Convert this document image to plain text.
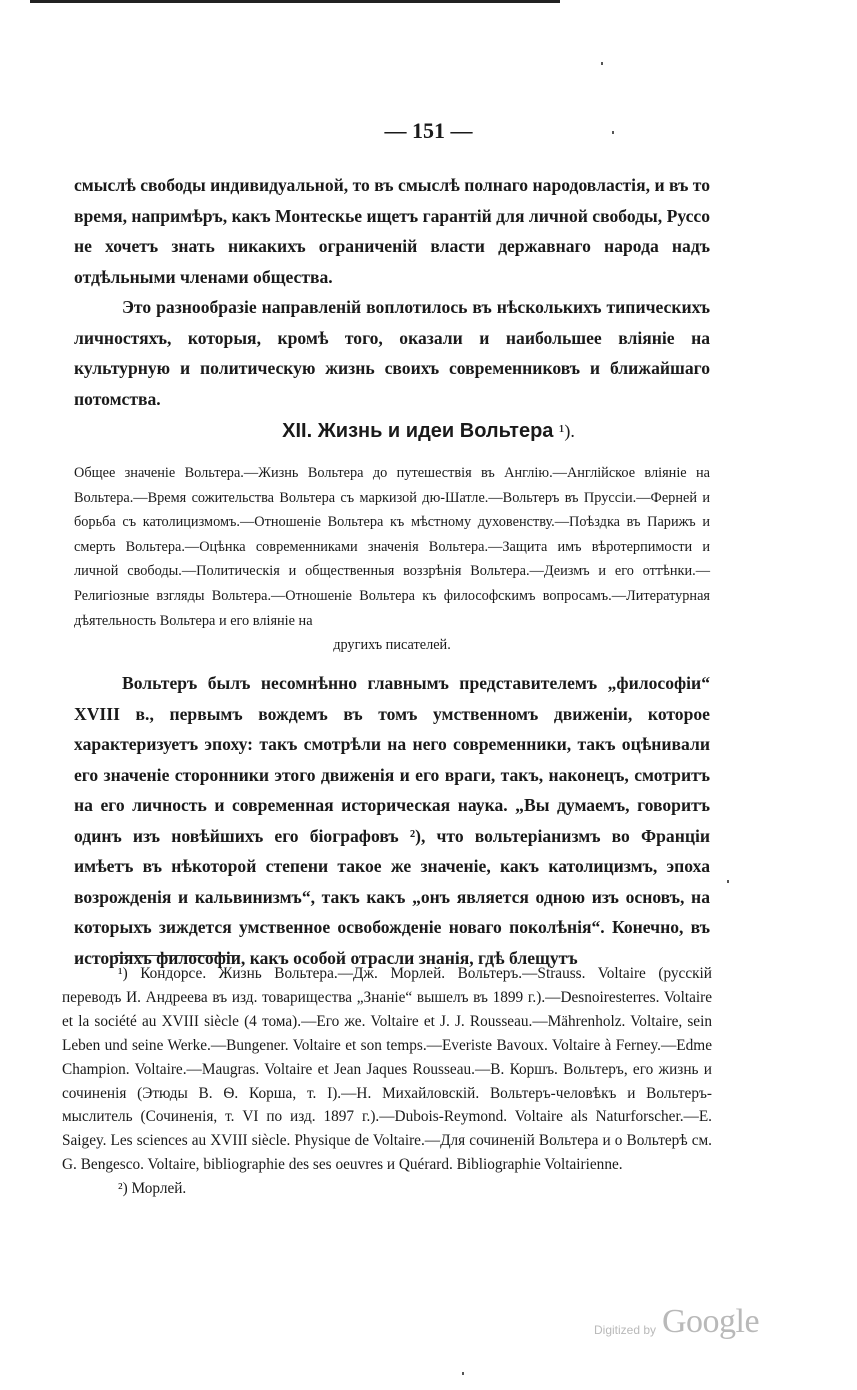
— 151 —

смыслѣ свободы индивидуальной, то въ смыслѣ полнаго народовластія, и въ то время, напримѣръ, какъ Монтескье ищетъ гарантій для личной свободы, Руссо не хочетъ знать никакихъ ограниченій власти державнаго народа надъ отдѣльными членами общества.

Это разнообразіе направленій воплотилось въ нѣсколькихъ типическихъ личностяхъ, которыя, кромѣ того, оказали и наибольшее вліяніе на культурную и политическую жизнь своихъ современниковъ и ближайшаго потомства.

XII. Жизнь и идеи Вольтера ¹).
Общее значеніе Вольтера.—Жизнь Вольтера до путешествія въ Англію.—Англійское вліяніе на Вольтера.—Время сожительства Вольтера съ маркизой дю-Шатле.—Вольтеръ въ Пруссіи.—Ферней и борьба съ католицизмомъ.—Отношеніе Вольтера къ мѣстному духовенству.—Поѣздка въ Парижъ и смерть Вольтера.—Оцѣнка современниками значенія Вольтера.—Защита имъ вѣротерпимости и личной свободы.—Политическія и общественныя воззрѣнія Вольтера.—Деизмъ и его оттѣнки.—Религіозные взгляды Вольтера.—Отношеніе Вольтера къ философскимъ вопросамъ.—Литературная дѣятельность Вольтера и его вліяніе на
другихъ писателей.
Вольтеръ былъ несомнѣнно главнымъ представителемъ „философіи“ XVIII в., первымъ вождемъ въ томъ умственномъ движеніи, которое характеризуетъ эпоху: такъ смотрѣли на него современники, такъ оцѣнивали его значеніе сторонники этого движенія и его враги, такъ, наконецъ, смотритъ на его личность и современная историческая наука. „Вы думаемъ, говоритъ одинъ изъ новѣйшихъ его біографовъ ²), что вольтеріанизмъ во Франціи имѣетъ въ нѣкоторой степени такое же значеніе, какъ католицизмъ, эпоха возрожденія и кальвинизмъ“, такъ какъ „онъ является одною изъ основъ, на которыхъ зиждется умственное освобожденіе новаго поколѣнія“. Конечно, въ исторіяхъ философіи, какъ особой отрасли знанія, гдѣ блещутъ

¹) Кондорсе. Жизнь Вольтера.—Дж. Морлей. Вольтеръ.—Strauss. Voltaire (русскій переводъ И. Андреева въ изд. товарищества „Знаніе“ вышелъ въ 1899 г.).—Desnoiresterres. Voltaire et la société au XVIII siècle (4 тома).—Его же. Voltaire et J. J. Rousseau.—Mährenholz. Voltaire, sein Leben und seine Werke.—Bungener. Voltaire et son temps.—Everiste Bavoux. Voltaire à Ferney.—Edme Champion. Voltaire.—Maugras. Voltaire et Jean Jaques Rousseau.—В. Коршъ. Вольтеръ, его жизнь и сочиненія (Этюды В. Ѳ. Корша, т. I).—Н. Михайловскій. Вольтеръ-человѣкъ и Вольтеръ-мыслитель (Сочиненія, т. VI по изд. 1897 г.).—Dubois-Reymond. Voltaire als Naturforscher.—E. Saigey. Les sciences au XVIII siècle. Physique de Voltaire.—Для сочиненій Вольтера и о Вольтерѣ см. G. Bengesco. Voltaire, bibliographie des ses oeuvres и Quérard. Bibliographie Voltairienne.

²) Морлей.

Digitized by Google
